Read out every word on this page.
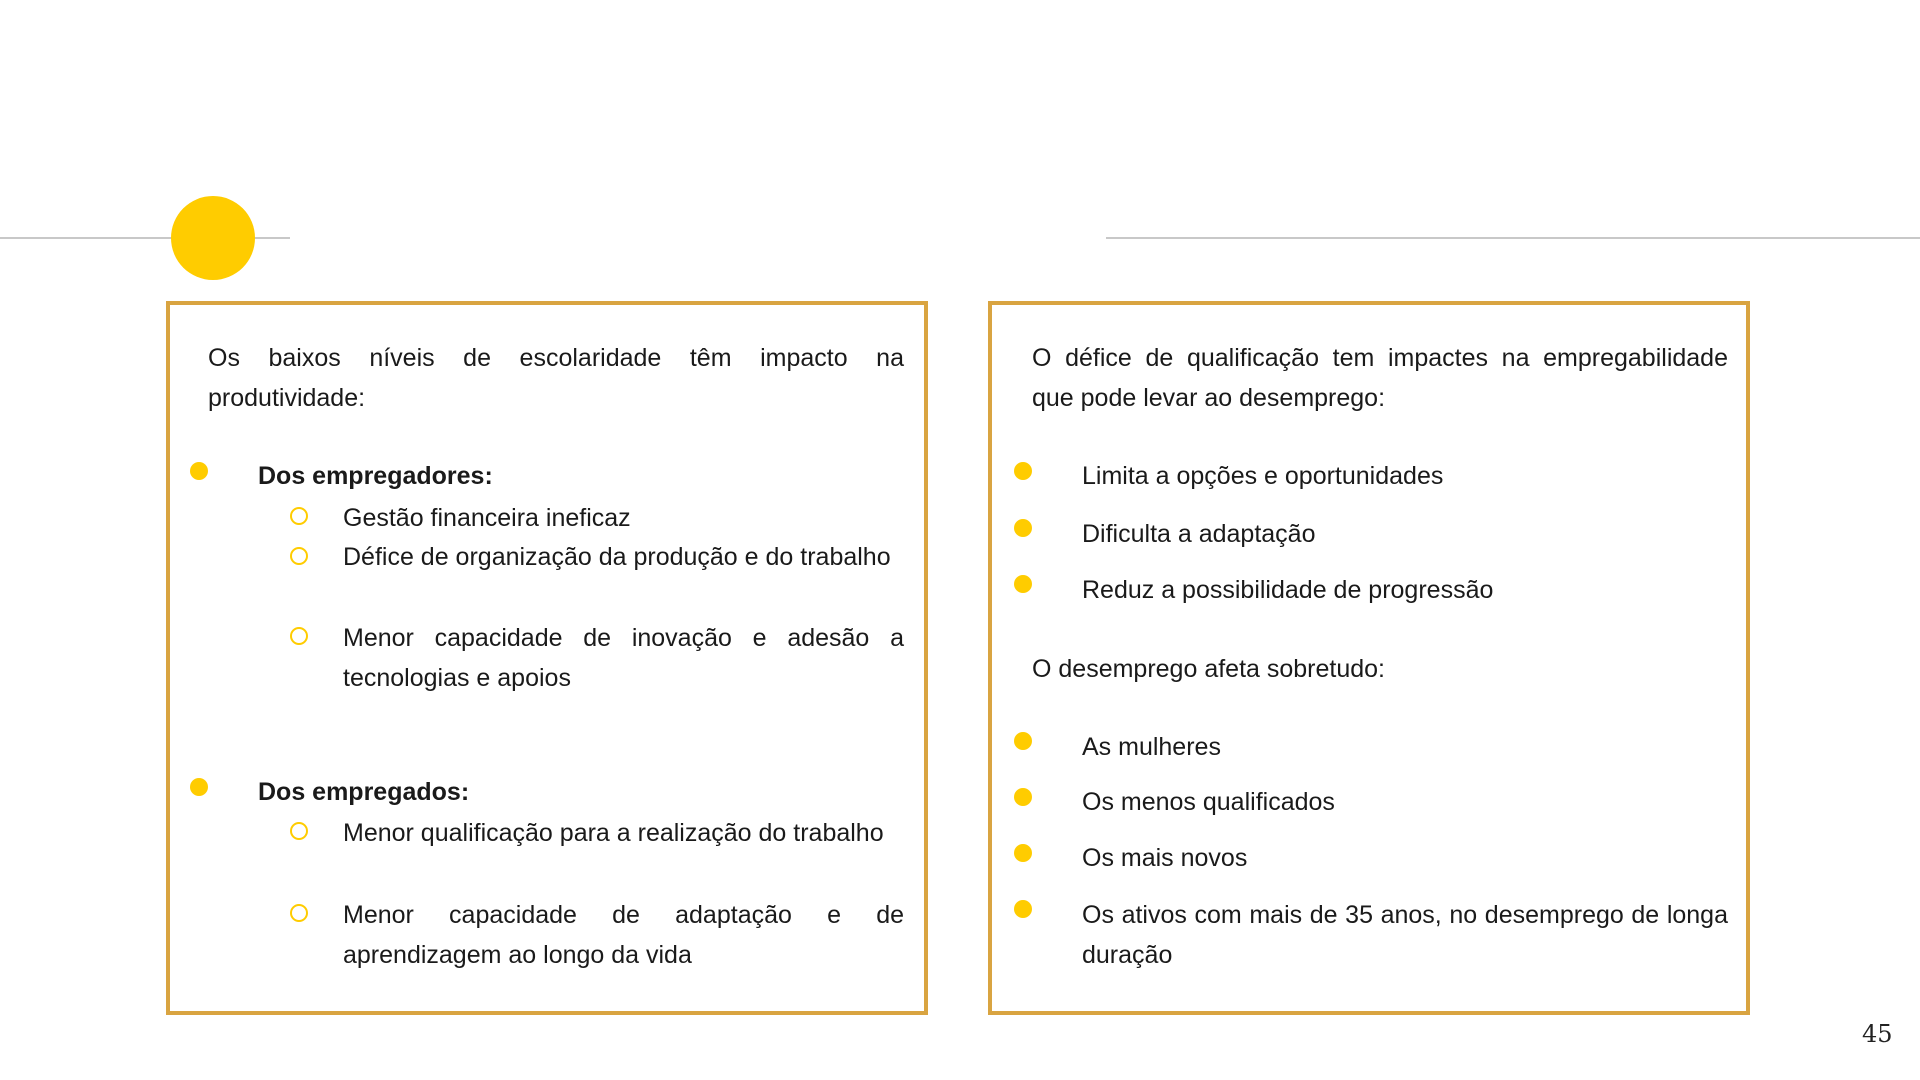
Os baixos níveis de escolaridade têm impacto na produtividade:
Dos empregadores:
Gestão financeira ineficaz
Défice de organização da produção e do trabalho
Menor capacidade de inovação e adesão a tecnologias e apoios
Dos empregados:
Menor qualificação para a realização do trabalho
Menor capacidade de adaptação e de aprendizagem ao longo da vida
O défice de qualificação tem impactes na empregabilidade que pode levar ao desemprego:
Limita a opções e oportunidades
Dificulta a adaptação
Reduz a possibilidade de progressão
O desemprego afeta sobretudo:
As mulheres
Os menos qualificados
Os mais novos
Os ativos com mais de 35 anos, no desemprego de longa duração
45
